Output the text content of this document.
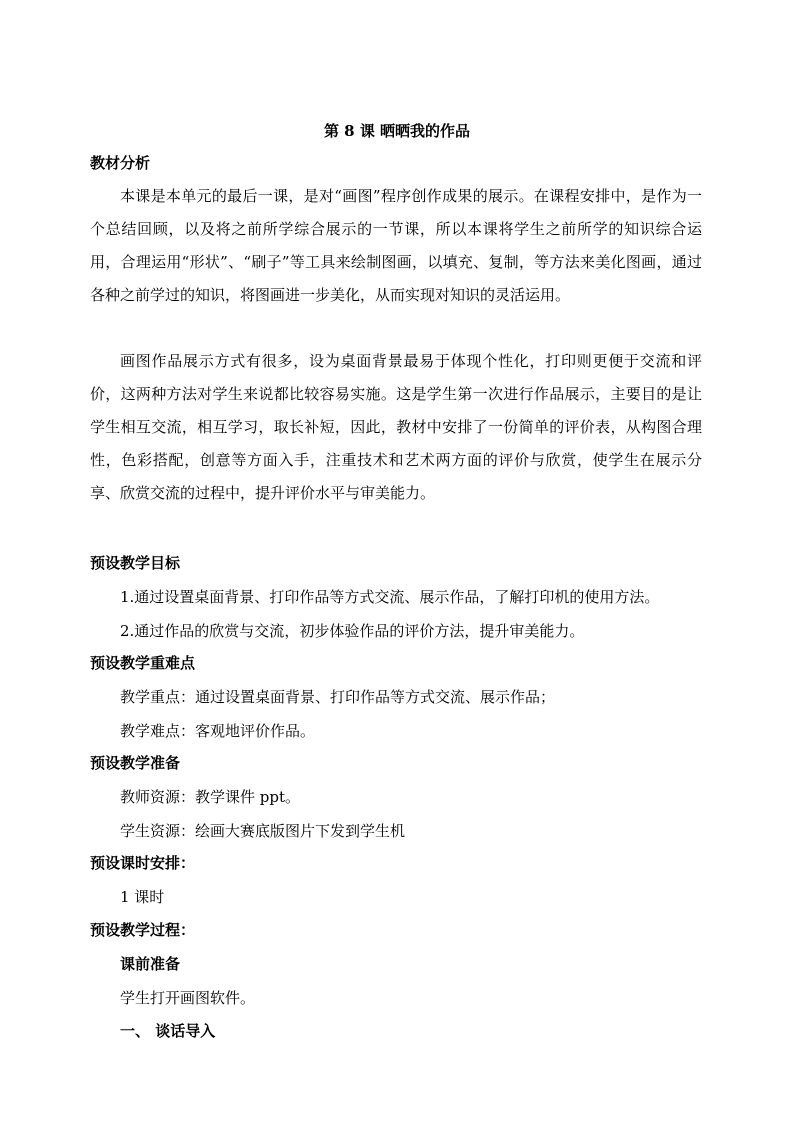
第 8 课 晒晒我的作品
教材分析
本课是本单元的最后一课，是对“画图”程序创作成果的展示。在课程安排中，是作为一个总结回顾，以及将之前所学综合展示的一节课，所以本课将学生之前所学的知识综合运用，合理运用“形状”、“刷子”等工具来绘制图画，以填充、复制，等方法来美化图画，通过各种之前学过的知识，将图画进一步美化，从而实现对知识的灵活运用。
画图作品展示方式有很多，设为桌面背景最易于体现个性化，打印则更便于交流和评价，这两种方法对学生来说都比较容易实施。这是学生第一次进行作品展示，主要目的是让学生相互交流，相互学习，取长补短，因此，教材中安排了一份简单的评价表，从构图合理性，色彩搭配，创意等方面入手，注重技术和艺术两方面的评价与欣赏，使学生在展示分享、欣赏交流的过程中，提升评价水平与审美能力。
预设教学目标
1.通过设置桌面背景、打印作品等方式交流、展示作品，了解打印机的使用方法。
2.通过作品的欣赏与交流，初步体验作品的评价方法，提升审美能力。
预设教学重难点
教学重点：通过设置桌面背景、打印作品等方式交流、展示作品；
教学难点：客观地评价作品。
预设教学准备
教师资源：教学课件 ppt。
学生资源：绘画大赛底版图片下发到学生机
预设课时安排：
1 课时
预设教学过程：
课前准备
学生打开画图软件。
一、 谈话导入
